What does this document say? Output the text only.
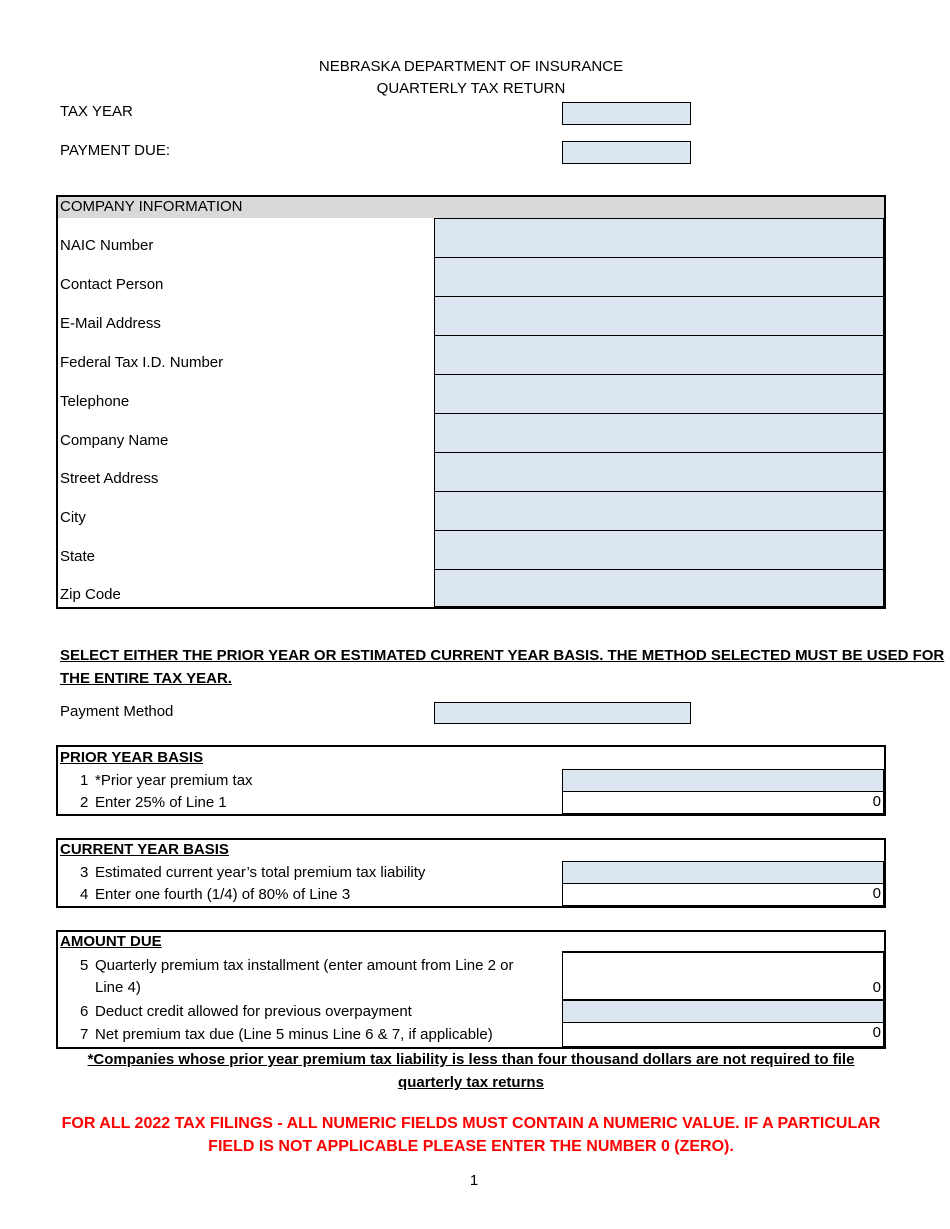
NEBRASKA DEPARTMENT OF INSURANCE
QUARTERLY TAX RETURN
TAX YEAR
PAYMENT DUE:
COMPANY INFORMATION
NAIC Number
Contact Person
E-Mail Address
Federal Tax I.D. Number
Telephone
Company Name
Street Address
City
State
Zip Code
SELECT EITHER THE PRIOR YEAR OR ESTIMATED CURRENT YEAR BASIS. THE METHOD SELECTED MUST BE USED FOR
THE ENTIRE TAX YEAR.
Payment Method
PRIOR YEAR BASIS
1 *Prior year premium tax
2 Enter 25% of Line 1	0
CURRENT YEAR BASIS
3 Estimated current year’s total premium tax liability
4 Enter one fourth (1/4) of 80% of Line 3	0
AMOUNT DUE
5 Quarterly premium tax installment (enter amount from Line 2 or
Line 4)	0
6 Deduct credit allowed for previous overpayment
7 Net premium tax due (Line 5 minus Line 6 & 7, if applicable)	0
*Companies whose prior year premium tax liability is less than four thousand dollars are not required to file
quarterly tax returns
FOR ALL 2022 TAX FILINGS - ALL NUMERIC FIELDS MUST CONTAIN A NUMERIC VALUE. IF A PARTICULAR
FIELD IS NOT APPLICABLE PLEASE ENTER THE NUMBER 0 (ZERO).
1
